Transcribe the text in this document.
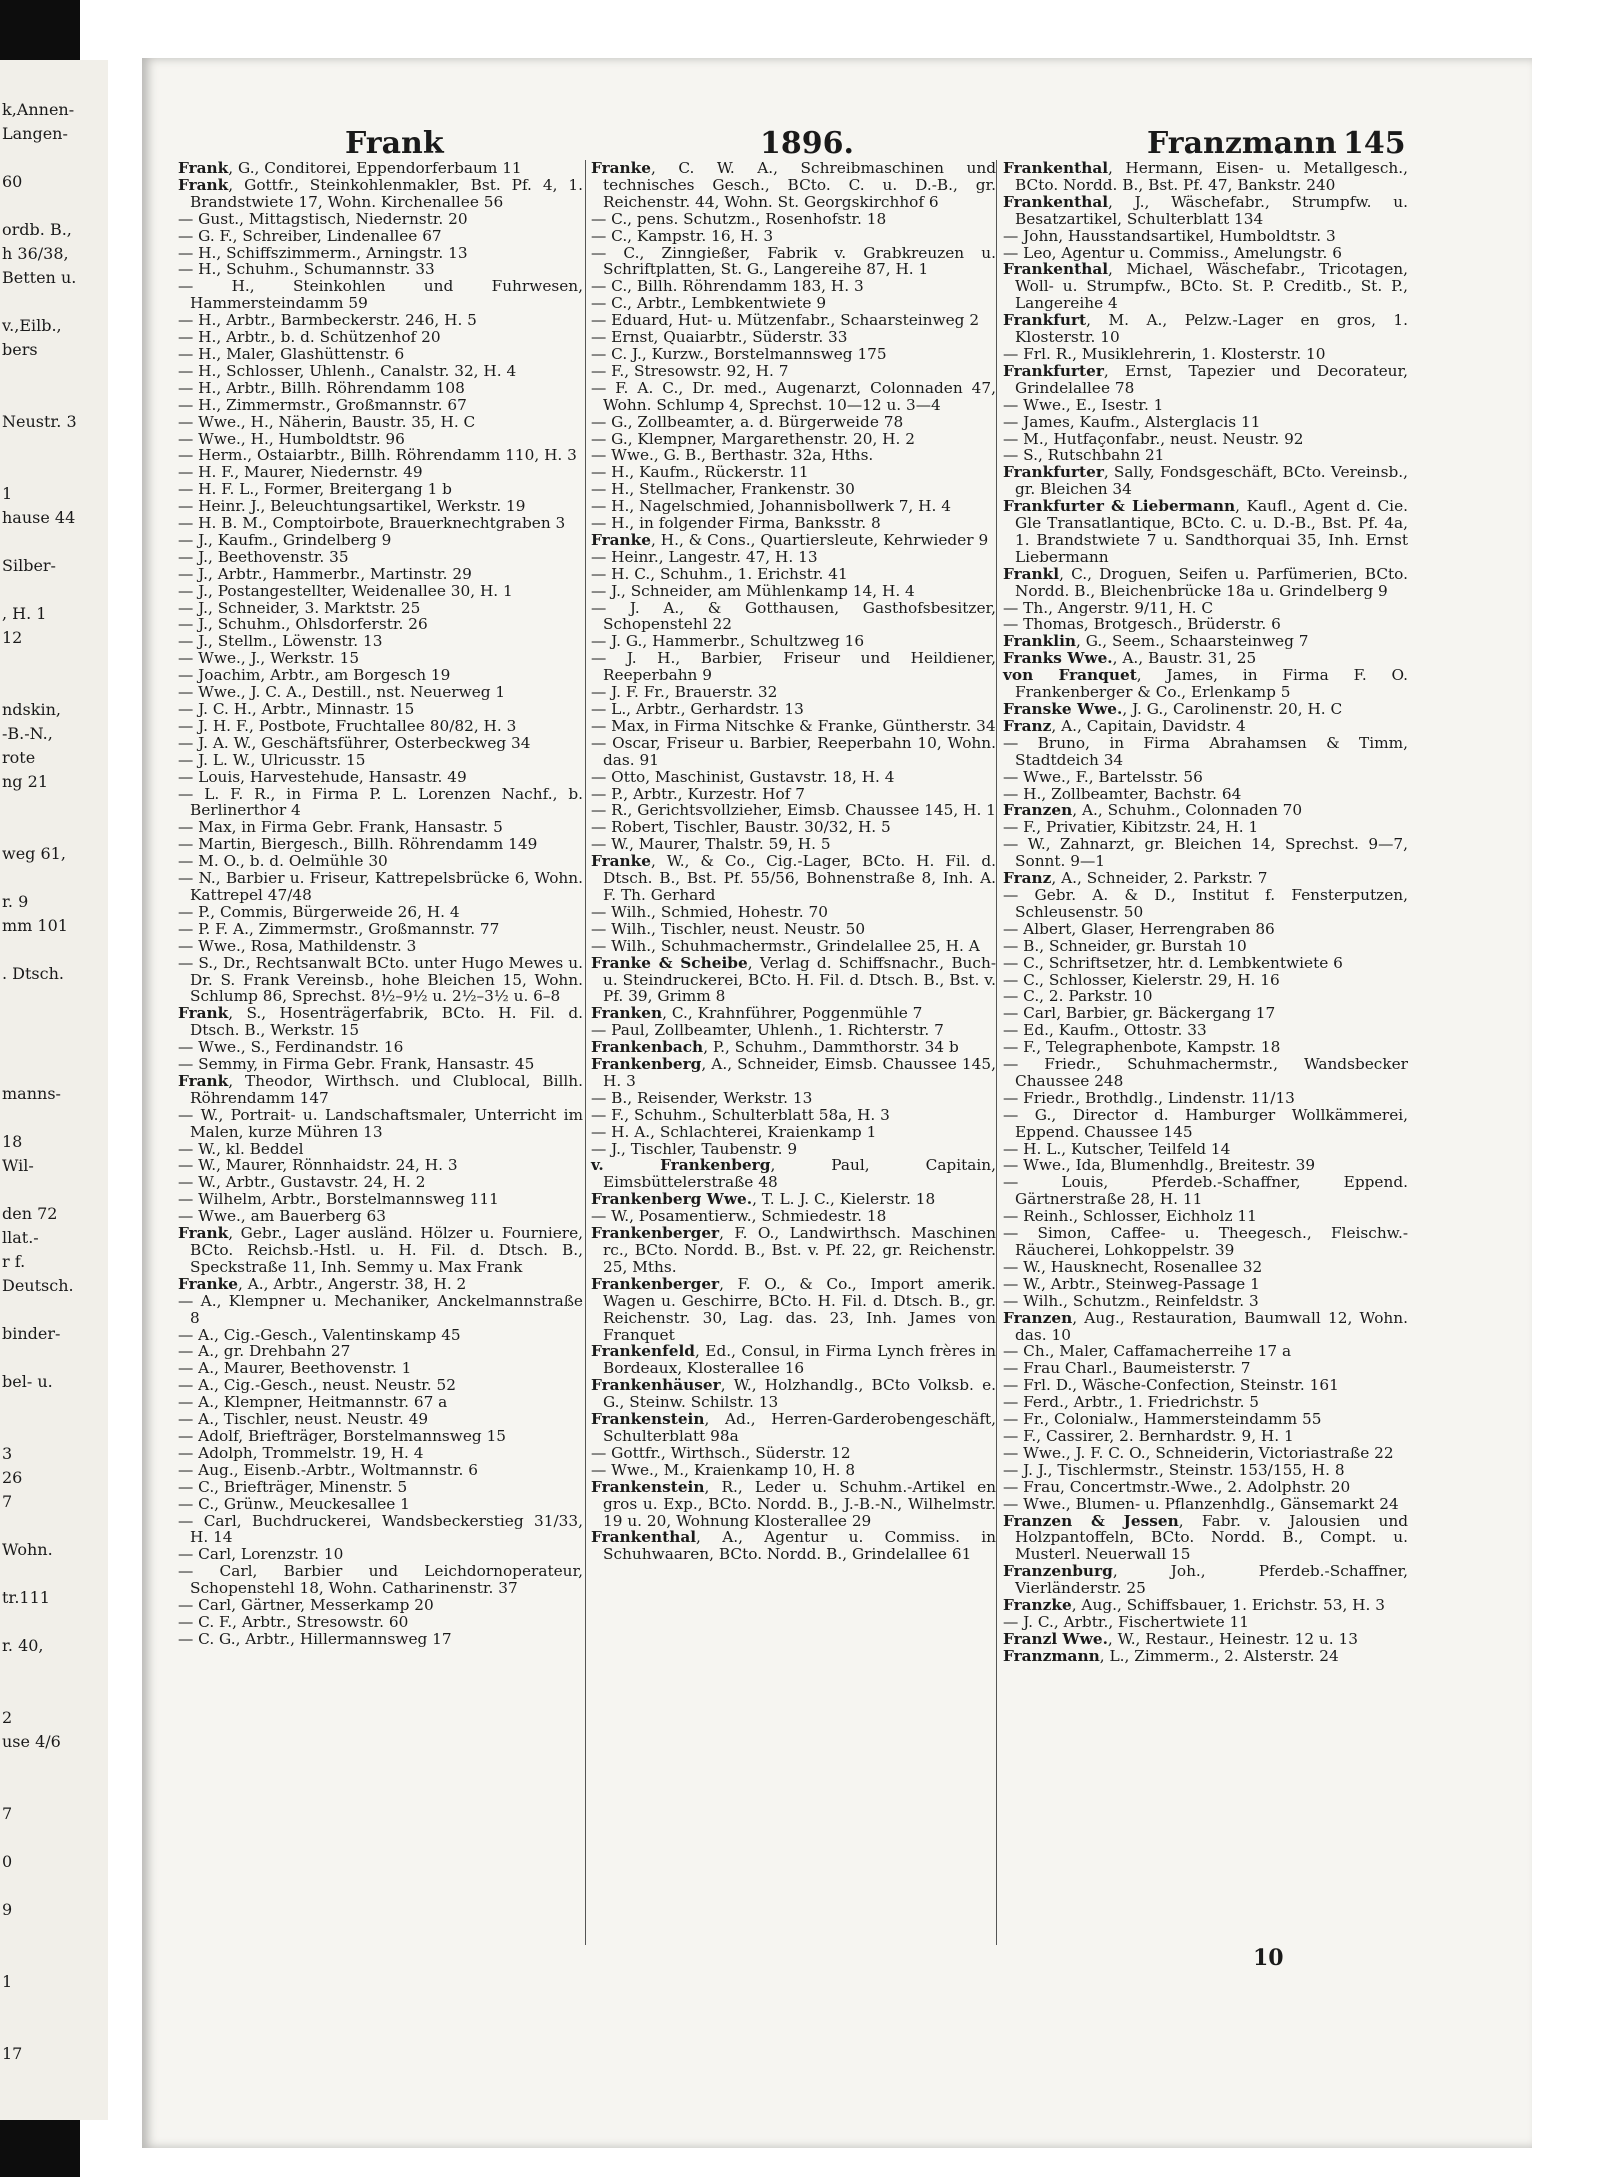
k,Annen-
Langen-
60
ordb. B.,
h 36/38,
Betten u.
v.,Eilb.,
bers
Neustr. 3
1
hause 44
Silber-
, H. 1
12
ndskin,
-B.-N.,
rote
ng 21
weg 61,
r. 9
mm 101
. Dtsch.
manns-
18
Wil-
den 72
llat.-
r f.
Deutsch.
binder-
bel- u.
3
26
7
Wohn.
tr.111
r. 40,
2
use 4/6
7
0
9
1
17
Frank	1896.	Franzmann 145

Frank, G., Conditorei, Eppendorferbaum 11

Frank, Gottfr., Steinkohlenmakler, Bst. Pf. 4, 1. Brandstwiete 17, Wohn. Kirchenallee 56

— Gust., Mittagstisch, Niedernstr. 20

— G. F., Schreiber, Lindenallee 67

— H., Schiffszimmerm., Arningstr. 13

— H., Schuhm., Schumannstr. 33

— H., Steinkohlen und Fuhrwesen, Hammersteindamm 59

— H., Arbtr., Barmbeckerstr. 246, H. 5

— H., Arbtr., b. d. Schützenhof 20

— H., Maler, Glashüttenstr. 6

— H., Schlosser, Uhlenh., Canalstr. 32, H. 4

— H., Arbtr., Billh. Röhrendamm 108

— H., Zimmermstr., Großmannstr. 67

— Wwe., H., Näherin, Baustr. 35, H. C

— Wwe., H., Humboldtstr. 96

— Herm., Ostaiarbtr., Billh. Röhrendamm 110, H. 3

— H. F., Maurer, Niedernstr. 49

— H. F. L., Former, Breitergang 1 b

— Heinr. J., Beleuchtungsartikel, Werkstr. 19

— H. B. M., Comptoirbote, Brauerknechtgraben 3

— J., Kaufm., Grindelberg 9

— J., Beethovenstr. 35

— J., Arbtr., Hammerbr., Martinstr. 29

— J., Postangestellter, Weidenallee 30, H. 1

— J., Schneider, 3. Marktstr. 25

— J., Schuhm., Ohlsdorferstr. 26

— J., Stellm., Löwenstr. 13

— Wwe., J., Werkstr. 15

— Joachim, Arbtr., am Borgesch 19

— Wwe., J. C. A., Destill., nst. Neuerweg 1

— J. C. H., Arbtr., Minnastr. 15

— J. H. F., Postbote, Fruchtallee 80/82, H. 3

— J. A. W., Geschäftsführer, Osterbeckweg 34

— J. L. W., Ulricusstr. 15

— Louis, Harvestehude, Hansastr. 49

— L. F. R., in Firma P. L. Lorenzen Nachf., b. Berlinerthor 4

— Max, in Firma Gebr. Frank, Hansastr. 5

— Martin, Biergesch., Billh. Röhrendamm 149

— M. O., b. d. Oelmühle 30

— N., Barbier u. Friseur, Kattrepelsbrücke 6, Wohn. Kattrepel 47/48

— P., Commis, Bürgerweide 26, H. 4

— P. F. A., Zimmermstr., Großmannstr. 77

— Wwe., Rosa, Mathildenstr. 3

— S., Dr., Rechtsanwalt BCto. unter Hugo Mewes u. Dr. S. Frank Vereinsb., hohe Bleichen 15, Wohn. Schlump 86, Sprechst. 8½–9½ u. 2½–3½ u. 6–8

Frank, S., Hosenträgerfabrik, BCto. H. Fil. d. Dtsch. B., Werkstr. 15

— Wwe., S., Ferdinandstr. 16

— Semmy, in Firma Gebr. Frank, Hansastr. 45

Frank, Theodor, Wirthsch. und Clublocal, Billh. Röhrendamm 147

— W., Portrait- u. Landschaftsmaler, Unterricht im Malen, kurze Mühren 13

— W., kl. Beddel

— W., Maurer, Rönnhaidstr. 24, H. 3

— W., Arbtr., Gustavstr. 24, H. 2

— Wilhelm, Arbtr., Borstelmannsweg 111

— Wwe., am Bauerberg 63

Frank, Gebr., Lager ausländ. Hölzer u. Fourniere, BCto. Reichsb.-Hstl. u. H. Fil. d. Dtsch. B., Speckstraße 11, Inh. Semmy u. Max Frank

Franke, A., Arbtr., Angerstr. 38, H. 2

— A., Klempner u. Mechaniker, Anckelmannstraße 8

— A., Cig.-Gesch., Valentinskamp 45

— A., gr. Drehbahn 27

— A., Maurer, Beethovenstr. 1

— A., Cig.-Gesch., neust. Neustr. 52

— A., Klempner, Heitmannstr. 67 a

— A., Tischler, neust. Neustr. 49

— Adolf, Briefträger, Borstelmannsweg 15

— Adolph, Trommelstr. 19, H. 4

— Aug., Eisenb.-Arbtr., Woltmannstr. 6

— C., Briefträger, Minenstr. 5

— C., Grünw., Meuckesallee 1

— Carl, Buchdruckerei, Wandsbeckerstieg 31/33, H. 14

— Carl, Lorenzstr. 10

— Carl, Barbier und Leichdornoperateur, Schopenstehl 18, Wohn. Catharinenstr. 37

— Carl, Gärtner, Messerkamp 20

— C. F., Arbtr., Stresowstr. 60

— C. G., Arbtr., Hillermannsweg 17

Franke, C. W. A., Schreibmaschinen und technisches Gesch., BCto. C. u. D.-B., gr. Reichenstr. 44, Wohn. St. Georgskirchhof 6

— C., pens. Schutzm., Rosenhofstr. 18

— C., Kampstr. 16, H. 3

— C., Zinngießer, Fabrik v. Grabkreuzen u. Schriftplatten, St. G., Langereihe 87, H. 1

— C., Billh. Röhrendamm 183, H. 3

— C., Arbtr., Lembkentwiete 9

— Eduard, Hut- u. Mützenfabr., Schaarsteinweg 2

— Ernst, Quaiarbtr., Süderstr. 33

— C. J., Kurzw., Borstelmannsweg 175

— F., Stresowstr. 92, H. 7

— F. A. C., Dr. med., Augenarzt, Colonnaden 47, Wohn. Schlump 4, Sprechst. 10—12 u. 3—4

— G., Zollbeamter, a. d. Bürgerweide 78

— G., Klempner, Margarethenstr. 20, H. 2

— Wwe., G. B., Berthastr. 32a, Hths.

— H., Kaufm., Rückerstr. 11

— H., Stellmacher, Frankenstr. 30

— H., Nagelschmied, Johannisbollwerk 7, H. 4

— H., in folgender Firma, Banksstr. 8

Franke, H., & Cons., Quartiersleute, Kehrwieder 9

— Heinr., Langestr. 47, H. 13

— H. C., Schuhm., 1. Erichstr. 41

— J., Schneider, am Mühlenkamp 14, H. 4

— J. A., & Gotthausen, Gasthofsbesitzer, Schopenstehl 22

— J. G., Hammerbr., Schultzweg 16

— J. H., Barbier, Friseur und Heildiener, Reeperbahn 9

— J. F. Fr., Brauerstr. 32

— L., Arbtr., Gerhardstr. 13

— Max, in Firma Nitschke & Franke, Güntherstr. 34

— Oscar, Friseur u. Barbier, Reeperbahn 10, Wohn. das. 91

— Otto, Maschinist, Gustavstr. 18, H. 4

— P., Arbtr., Kurzestr. Hof 7

— R., Gerichtsvollzieher, Eimsb. Chaussee 145, H. 1

— Robert, Tischler, Baustr. 30/32, H. 5

— W., Maurer, Thalstr. 59, H. 5

Franke, W., & Co., Cig.-Lager, BCto. H. Fil. d. Dtsch. B., Bst. Pf. 55/56, Bohnenstraße 8, Inh. A. F. Th. Gerhard

— Wilh., Schmied, Hohestr. 70

— Wilh., Tischler, neust. Neustr. 50

— Wilh., Schuhmachermstr., Grindelallee 25, H. A

Franke & Scheibe, Verlag d. Schiffsnachr., Buch- u. Steindruckerei, BCto. H. Fil. d. Dtsch. B., Bst. v. Pf. 39, Grimm 8

Franken, C., Krahnführer, Poggenmühle 7

— Paul, Zollbeamter, Uhlenh., 1. Richterstr. 7

Frankenbach, P., Schuhm., Dammthorstr. 34 b

Frankenberg, A., Schneider, Eimsb. Chaussee 145, H. 3

— B., Reisender, Werkstr. 13

— F., Schuhm., Schulterblatt 58a, H. 3

— H. A., Schlachterei, Kraienkamp 1

— J., Tischler, Taubenstr. 9

v. Frankenberg, Paul, Capitain, Eimsbüttelerstraße 48

Frankenberg Wwe., T. L. J. C., Kielerstr. 18

— W., Posamentierw., Schmiedestr. 18

Frankenberger, F. O., Landwirthsch. Maschinen rc., BCto. Nordd. B., Bst. v. Pf. 22, gr. Reichenstr. 25, Mths.

Frankenberger, F. O., & Co., Import amerik. Wagen u. Geschirre, BCto. H. Fil. d. Dtsch. B., gr. Reichenstr. 30, Lag. das. 23, Inh. James von Franquet

Frankenfeld, Ed., Consul, in Firma Lynch frères in Bordeaux, Klosterallee 16

Frankenhäuser, W., Holzhandlg., BCto Volksb. e. G., Steinw. Schilstr. 13

Frankenstein, Ad., Herren-Garderobengeschäft, Schulterblatt 98a

— Gottfr., Wirthsch., Süderstr. 12

— Wwe., M., Kraienkamp 10, H. 8

Frankenstein, R., Leder u. Schuhm.-Artikel en gros u. Exp., BCto. Nordd. B., J.-B.-N., Wilhelmstr. 19 u. 20, Wohnung Klosterallee 29

Frankenthal, A., Agentur u. Commiss. in Schuhwaaren, BCto. Nordd. B., Grindelallee 61

Frankenthal, Hermann, Eisen- u. Metallgesch., BCto. Nordd. B., Bst. Pf. 47, Bankstr. 240

Frankenthal, J., Wäschefabr., Strumpfw. u. Besatzartikel, Schulterblatt 134

— John, Hausstandsartikel, Humboldtstr. 3

— Leo, Agentur u. Commiss., Amelungstr. 6

Frankenthal, Michael, Wäschefabr., Tricotagen, Woll- u. Strumpfw., BCto. St. P. Creditb., St. P., Langereihe 4

Frankfurt, M. A., Pelzw.-Lager en gros, 1. Klosterstr. 10

— Frl. R., Musiklehrerin, 1. Klosterstr. 10

Frankfurter, Ernst, Tapezier und Decorateur, Grindelallee 78

— Wwe., E., Isestr. 1

— James, Kaufm., Alsterglacis 11

— M., Hutfaçonfabr., neust. Neustr. 92

— S., Rutschbahn 21

Frankfurter, Sally, Fondsgeschäft, BCto. Vereinsb., gr. Bleichen 34

Frankfurter & Liebermann, Kaufl., Agent d. Cie. Gle Transatlantique, BCto. C. u. D.-B., Bst. Pf. 4a, 1. Brandstwiete 7 u. Sandthorquai 35, Inh. Ernst Liebermann

Frankl, C., Droguen, Seifen u. Parfümerien, BCto. Nordd. B., Bleichenbrücke 18a u. Grindelberg 9

— Th., Angerstr. 9/11, H. C

— Thomas, Brotgesch., Brüderstr. 6

Franklin, G., Seem., Schaarsteinweg 7

Franks Wwe., A., Baustr. 31, 25

von Franquet, James, in Firma F. O. Frankenberger & Co., Erlenkamp 5

Franske Wwe., J. G., Carolinenstr. 20, H. C

Franz, A., Capitain, Davidstr. 4

— Bruno, in Firma Abrahamsen & Timm, Stadtdeich 34

— Wwe., F., Bartelsstr. 56

— H., Zollbeamter, Bachstr. 64

Franzen, A., Schuhm., Colonnaden 70

— F., Privatier, Kibitzstr. 24, H. 1

— W., Zahnarzt, gr. Bleichen 14, Sprechst. 9—7, Sonnt. 9—1

Franz, A., Schneider, 2. Parkstr. 7

— Gebr. A. & D., Institut f. Fensterputzen, Schleusenstr. 50

— Albert, Glaser, Herrengraben 86

— B., Schneider, gr. Burstah 10

— C., Schriftsetzer, htr. d. Lembkentwiete 6

— C., Schlosser, Kielerstr. 29, H. 16

— C., 2. Parkstr. 10

— Carl, Barbier, gr. Bäckergang 17

— Ed., Kaufm., Ottostr. 33

— F., Telegraphenbote, Kampstr. 18

— Friedr., Schuhmachermstr., Wandsbecker Chaussee 248

— Friedr., Brothdlg., Lindenstr. 11/13

— G., Director d. Hamburger Wollkämmerei, Eppend. Chaussee 145

— H. L., Kutscher, Teilfeld 14

— Wwe., Ida, Blumenhdlg., Breitestr. 39

— Louis, Pferdeb.-Schaffner, Eppend. Gärtnerstraße 28, H. 11

— Reinh., Schlosser, Eichholz 11

— Simon, Caffee- u. Theegesch., Fleischw.-Räucherei, Lohkoppelstr. 39

— W., Hausknecht, Rosenallee 32

— W., Arbtr., Steinweg-Passage 1

— Wilh., Schutzm., Reinfeldstr. 3

Franzen, Aug., Restauration, Baumwall 12, Wohn. das. 10

— Ch., Maler, Caffamacherreihe 17 a

— Frau Charl., Baumeisterstr. 7

— Frl. D., Wäsche-Confection, Steinstr. 161

— Ferd., Arbtr., 1. Friedrichstr. 5

— Fr., Colonialw., Hammersteindamm 55

— F., Cassirer, 2. Bernhardstr. 9, H. 1

— Wwe., J. F. C. O., Schneiderin, Victoriastraße 22

— J. J., Tischlermstr., Steinstr. 153/155, H. 8

— Frau, Concertmstr.-Wwe., 2. Adolphstr. 20

— Wwe., Blumen- u. Pflanzenhdlg., Gänsemarkt 24

Franzen & Jessen, Fabr. v. Jalousien und Holzpantoffeln, BCto. Nordd. B., Compt. u. Musterl. Neuerwall 15

Franzenburg, Joh., Pferdeb.-Schaffner, Vierländerstr. 25

Franzke, Aug., Schiffsbauer, 1. Erichstr. 53, H. 3

— J. C., Arbtr., Fischertwiete 11

Franzl Wwe., W., Restaur., Heinestr. 12 u. 13

Franzmann, L., Zimmerm., 2. Alsterstr. 24

10
